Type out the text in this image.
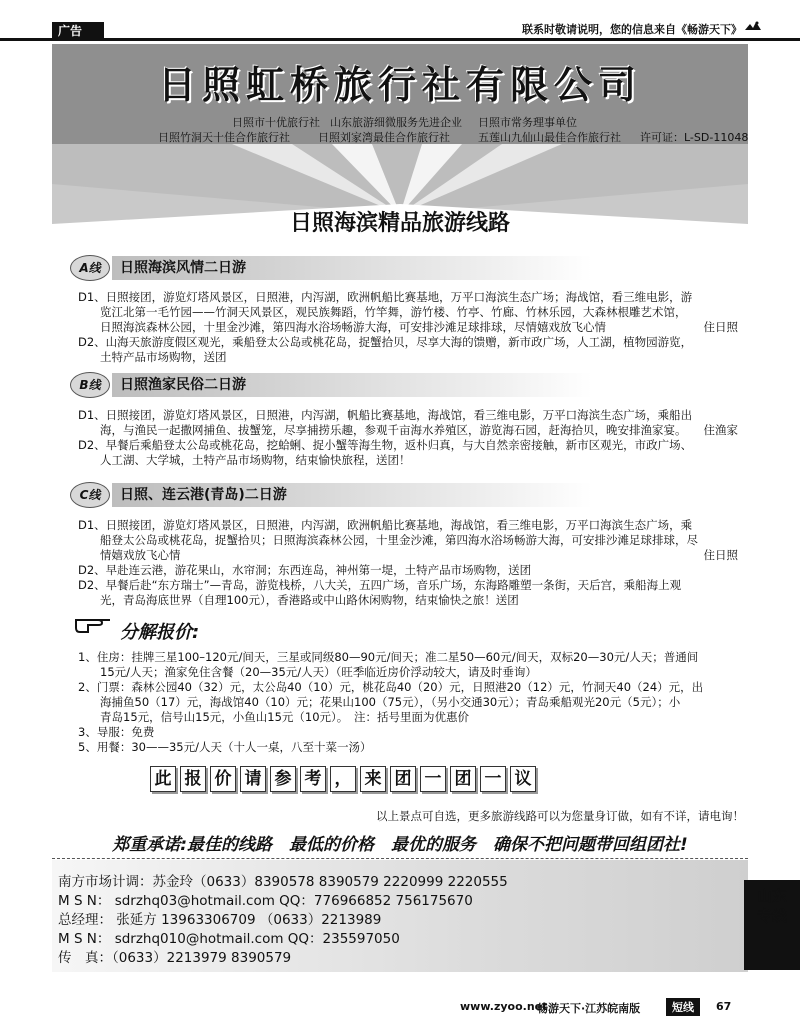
广告	联系时敬请说明，您的信息来自《畅游天下》
日照虹桥旅行社有限公司
日照市十优旅行社 山东旅游细微服务先进企业 日照市常务理事单位
日照竹洞天十佳合作旅行社	日照刘家湾最佳合作旅行社	五莲山九仙山最佳合作旅行社 许可证：L-SD-11048
日照海滨精品旅游线路
A线	日照海滨风情二日游

D1、日照接团，游览灯塔风景区，日照港，内泻湖，欧洲帆船比赛基地，万平口海滨生态广场；海战馆，看三维电影，游

览江北第一毛竹园——竹洞天风景区，观民族舞蹈，竹竿舞，游竹楼、竹亭、竹廊、竹林乐园，大森林根雕艺术馆，

日照海滨森林公园，十里金沙滩，第四海水浴场畅游大海，可安排沙滩足球排球，尽情嬉戏放飞心情	住日照

D2、山海天旅游度假区观光，乘船登太公岛或桃花岛，捉蟹拾贝，尽享大海的馈赠，新市政广场，人工湖，植物园游览，

土特产品市场购物，送团

B线	日照渔家民俗二日游

D1、日照接团，游览灯塔风景区，日照港，内泻湖，帆船比赛基地，海战馆，看三维电影，万平口海滨生态广场，乘船出

海，与渔民一起撒网捕鱼、拔蟹笼，尽享捕捞乐趣，参观千亩海水养殖区，游览海石园，赶海拾贝，晚安排渔家宴。 住渔家

D2、早餐后乘船登太公岛或桃花岛，挖蛤蜊、捉小蟹等海生物，返朴归真，与大自然亲密接触，新市区观光，市政广场、

人工湖、大学城，土特产品市场购物，结束愉快旅程，送团！

C线	日照、连云港(青岛)二日游

D1、日照接团，游览灯塔风景区，日照港，内泻湖，欧洲帆船比赛基地，海战馆，看三维电影，万平口海滨生态广场，乘

船登太公岛或桃花岛，捉蟹拾贝；日照海滨森林公园，十里金沙滩，第四海水浴场畅游大海，可安排沙滩足球排球，尽

情嬉戏放飞心情	住日照

D2、早赴连云港，游花果山，水帘洞；东西连岛，神州第一堤，土特产品市场购物，送团

D2、早餐后赴“东方瑞士”—青岛，游览栈桥，八大关，五四广场，音乐广场，东海路雕塑一条街，天后宫，乘船海上观

光，青岛海底世界（自理100元），香港路或中山路休闲购物，结束愉快之旅！送团

分解报价:

1、住房：挂牌三星100–120元/间天，三星或同级80—90元/间天；准二星50—60元/间天，双标20—30元/人天；普通间

15元/人天；渔家免住含餐（20—35元/人天）（旺季临近房价浮动较大，请及时垂询）

2、门票：森林公园40（32）元，太公岛40（10）元，桃花岛40（20）元，日照港20（12）元，竹洞天40（24）元，出

海捕鱼50（17）元，海战馆40（10）元；花果山100（75元），（另小交通30元）；青岛乘船观光20元（5元）；小

青岛15元，信号山15元，小鱼山15元（10元）。　注：括号里面为优惠价

3、导服：免费

5、用餐：30——35元/人天（十人一桌，八至十菜一汤）

此 报 价 请 参 考 ， 来 团 一 团 一 议
以上景点可自选，更多旅游线路可以为您量身订做，如有不详，请电询！
郑重承诺:最佳的线路　最低的价格　最优的服务　确保不把问题带回组团社!
南方市场计调：苏金玲（0633）8390578 8390579 2220999 2220555
M S N： sdrzhq03@hotmail.com QQ：776966852 756175670
总经理： 张延方 13963306709 （0633）2213989
M S N： sdrzhq010@hotmail.com QQ：235597050
传　真：（0633）2213979 8390579
山东专线
www.zyoo.net
畅游天下·江苏皖南版	短线	67
